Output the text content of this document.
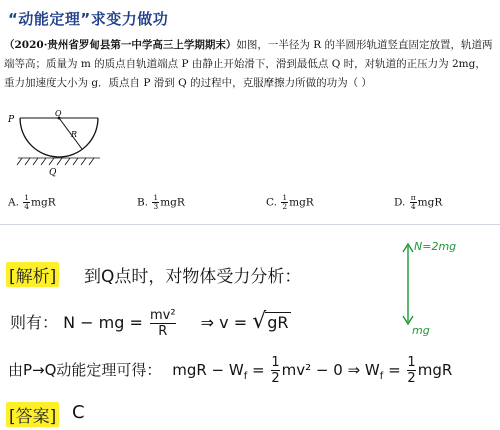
“动能定理”求变力做功
（2020·贵州省罗甸县第一中学高三上学期期末）如图，一半径为 R 的半圆形轨道竖直固定放置，轨道两端等高；质量为 m 的质点自轨道端点 P 由静止开始滑下，滑到最低点 Q 时，对轨道的正压力为 2mg，重力加速度大小为 g．质点自 P 滑到 Q 的过程中，克服摩擦力所做的功为（ ）
P
O
R
Q
A. $\frac{1}{4}$ mgR	B. $\frac{1}{3}$ mgR	C. $\frac{1}{2}$ mgR	D. $\frac{\pi}{4}$ mgR
[解析] 到Q点时，对物体受力分析：
则有： N − mg = $\frac{\text{mv²}}{R}$ ⇒ v = √gR
由P→Q动能定理可得： mgR − $W_f = \frac{1}{2} mv^2 - 0$ ⇒ $W_f = \frac{1}{2}$ mgR
[答案] C
N=2mg
mg
